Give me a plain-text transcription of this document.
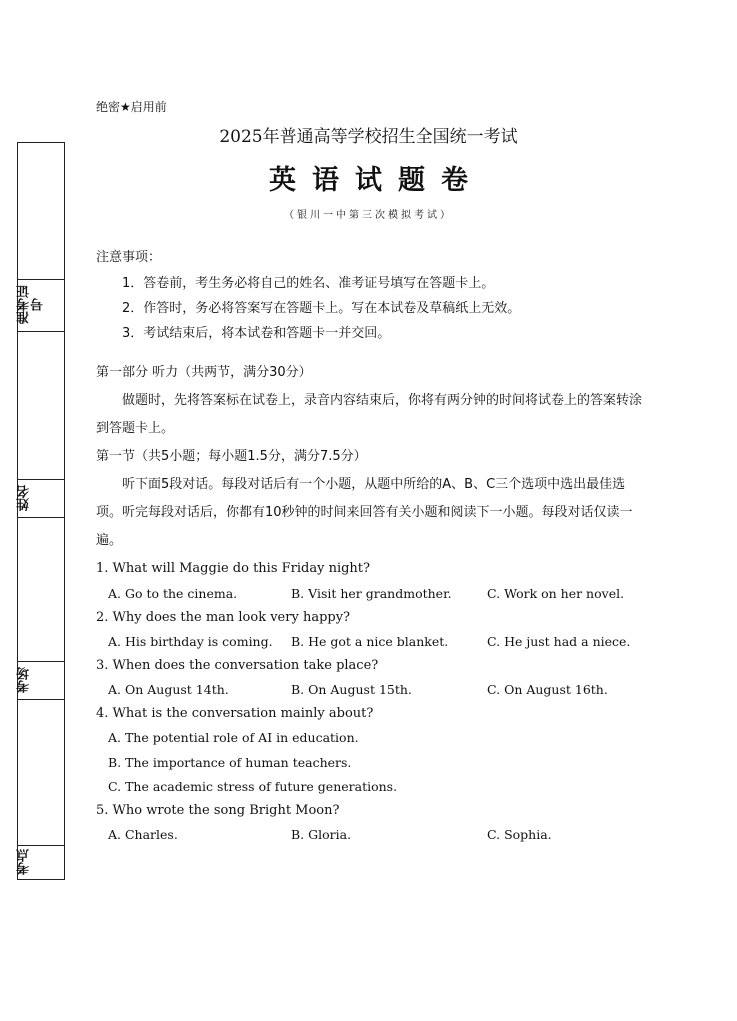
准考证号
姓名
考场
考点
绝密★启用前
2025年普通高等学校招生全国统一考试
英语试题卷
（银川一中第三次模拟考试）
注意事项：
1．答卷前，考生务必将自己的姓名、准考证号填写在答题卡上。
2．作答时，务必将答案写在答题卡上。写在本试卷及草稿纸上无效。
3．考试结束后，将本试卷和答题卡一并交回。
第一部分 听力（共两节，满分30分）
做题时，先将答案标在试卷上，录音内容结束后，你将有两分钟的时间将试卷上的答案转涂到答题卡上。
第一节（共5小题；每小题1.5分，满分7.5分）
听下面5段对话。每段对话后有一个小题，从题中所给的A、B、C三个选项中选出最佳选项。听完每段对话后，你都有10秒钟的时间来回答有关小题和阅读下一小题。每段对话仅读一遍。
1. What will Maggie do this Friday night?
A. Go to the cinema.	B. Visit her grandmother.	C. Work on her novel.
2. Why does the man look very happy?
A. His birthday is coming. B. He got a nice blanket.	C. He just had a niece.
3. When does the conversation take place?
A. On August 14th.	B. On August 15th.	C. On August 16th.
4. What is the conversation mainly about?
A. The potential role of AI in education.
B. The importance of human teachers.
C. The academic stress of future generations.
5. Who wrote the song Bright Moon?
A. Charles.	B. Gloria.	C. Sophia.
